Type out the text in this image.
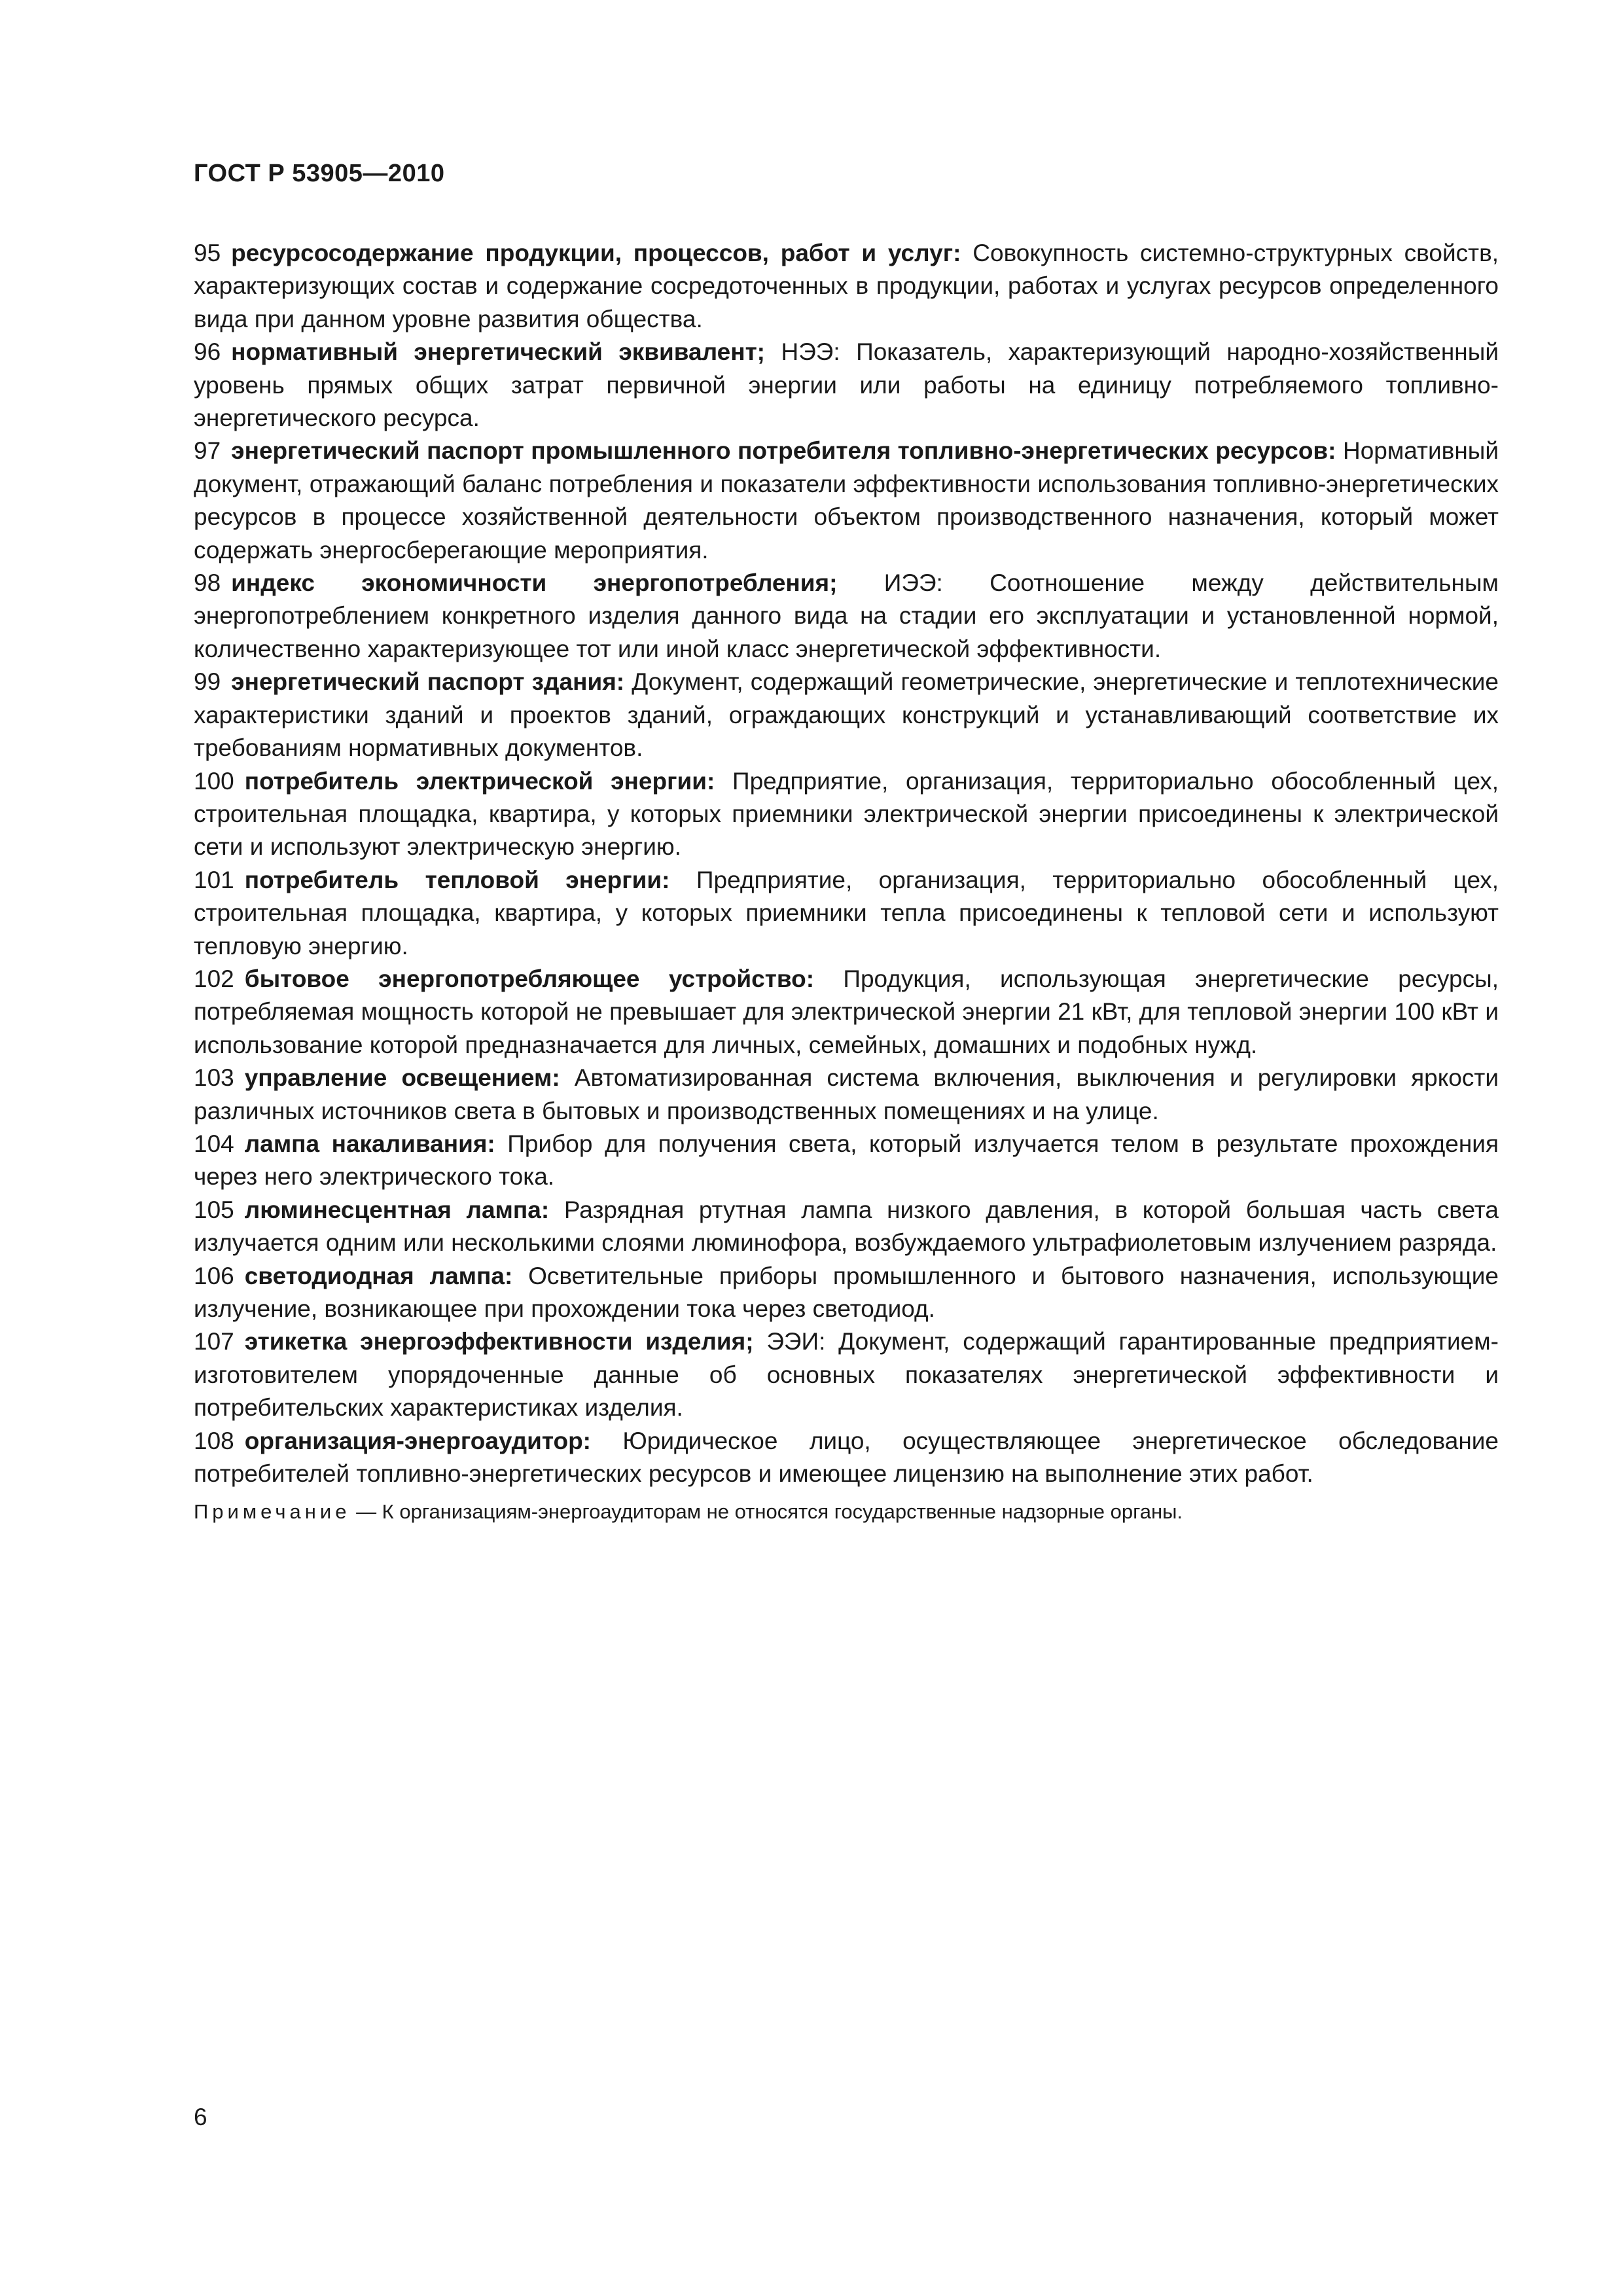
ГОСТ Р 53905—2010

95 ресурсосодержание продукции, процессов, работ и услуг: Совокупность системно-структурных свойств, характеризующих состав и содержание сосредоточенных в продукции, работах и услугах ресурсов определенного вида при данном уровне развития общества.

96 нормативный энергетический эквивалент; НЭЭ: Показатель, характеризующий народно-хозяйственный уровень прямых общих затрат первичной энергии или работы на единицу потребляемого топливно-энергетического ресурса.

97 энергетический паспорт промышленного потребителя топливно-энергетических ресурсов: Нормативный документ, отражающий баланс потребления и показатели эффективности использования топливно-энергетических ресурсов в процессе хозяйственной деятельности объектом производственного назначения, который может содержать энергосберегающие мероприятия.

98 индекс экономичности энергопотребления; ИЭЭ: Соотношение между действительным энергопотреблением конкретного изделия данного вида на стадии его эксплуатации и установленной нормой, количественно характеризующее тот или иной класс энергетической эффективности.

99 энергетический паспорт здания: Документ, содержащий геометрические, энергетические и теплотехнические характеристики зданий и проектов зданий, ограждающих конструкций и устанавливающий соответствие их требованиям нормативных документов.

100 потребитель электрической энергии: Предприятие, организация, территориально обособленный цех, строительная площадка, квартира, у которых приемники электрической энергии присоединены к электрической сети и используют электрическую энергию.

101 потребитель тепловой энергии: Предприятие, организация, территориально обособленный цех, строительная площадка, квартира, у которых приемники тепла присоединены к тепловой сети и используют тепловую энергию.

102 бытовое энергопотребляющее устройство: Продукция, использующая энергетические ресурсы, потребляемая мощность которой не превышает для электрической энергии 21 кВт, для тепловой энергии 100 кВт и использование которой предназначается для личных, семейных, домашних и подобных нужд.

103 управление освещением: Автоматизированная система включения, выключения и регулировки яркости различных источников света в бытовых и производственных помещениях и на улице.

104 лампа накаливания: Прибор для получения света, который излучается телом в результате прохождения через него электрического тока.

105 люминесцентная лампа: Разрядная ртутная лампа низкого давления, в которой большая часть света излучается одним или несколькими слоями люминофора, возбуждаемого ультрафиолетовым излучением разряда.

106 светодиодная лампа: Осветительные приборы промышленного и бытового назначения, использующие излучение, возникающее при прохождении тока через светодиод.

107 этикетка энергоэффективности изделия; ЭЭИ: Документ, содержащий гарантированные предприятием-изготовителем упорядоченные данные об основных показателях энергетической эффективности и потребительских характеристиках изделия.

108 организация-энергоаудитор: Юридическое лицо, осуществляющее энергетическое обследование потребителей топливно-энергетических ресурсов и имеющее лицензию на выполнение этих работ.

Примечание — К организациям-энергоаудиторам не относятся государственные надзорные органы.

6
